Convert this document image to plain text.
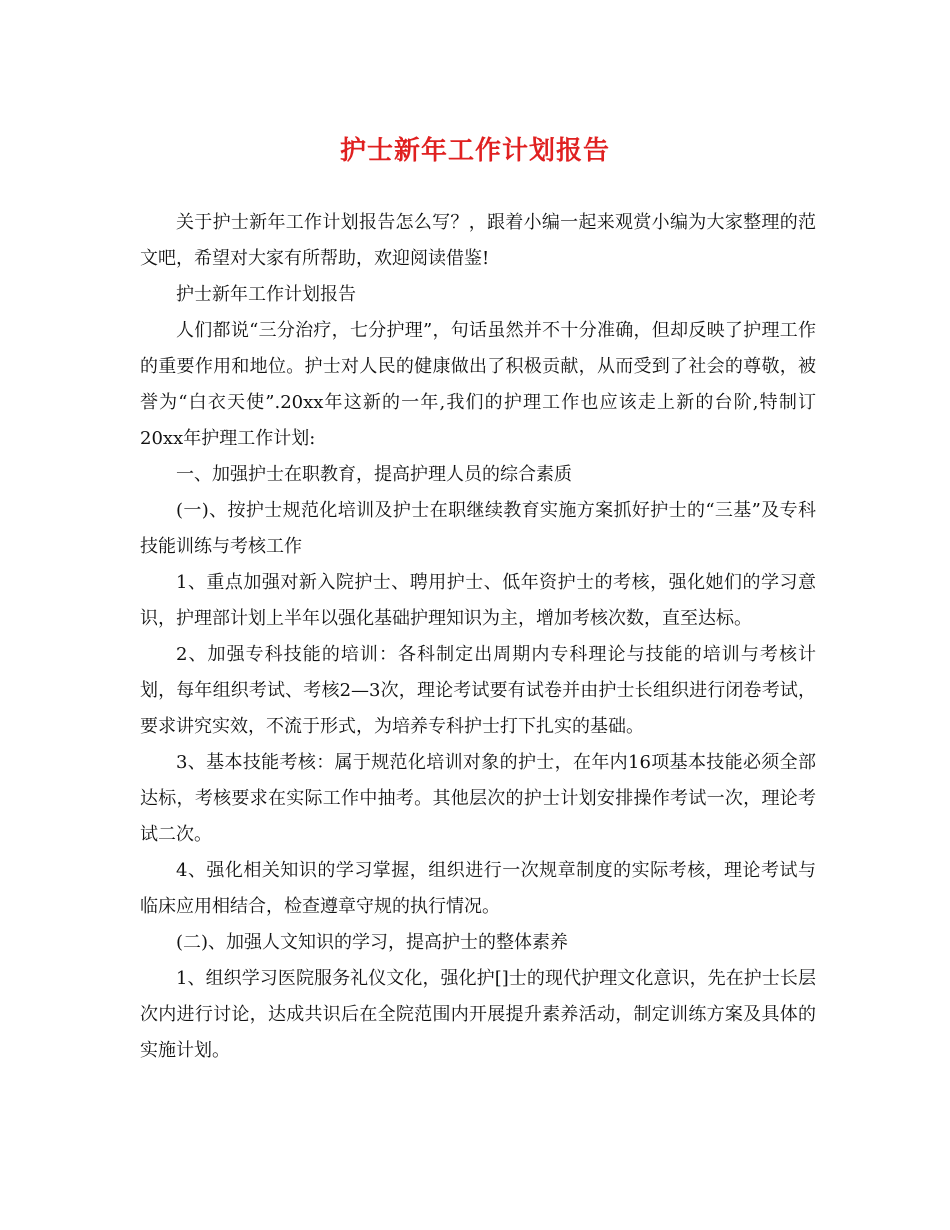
护士新年工作计划报告

关于护士新年工作计划报告怎么写？，跟着小编一起来观赏小编为大家整理的范文吧，希望对大家有所帮助，欢迎阅读借鉴!

护士新年工作计划报告

人们都说“三分治疗，七分护理”，句话虽然并不十分准确，但却反映了护理工作的重要作用和地位。护士对人民的健康做出了积极贡献，从而受到了社会的尊敬，被誉为“白衣天使”.20xx年这新的一年,我们的护理工作也应该走上新的台阶,特制订20xx年护理工作计划:

一、加强护士在职教育，提高护理人员的综合素质

(一)、按护士规范化培训及护士在职继续教育实施方案抓好护士的“三基”及专科技能训练与考核工作

1、重点加强对新入院护士、聘用护士、低年资护士的考核，强化她们的学习意识，护理部计划上半年以强化基础护理知识为主，增加考核次数，直至达标。

2、加强专科技能的培训：各科制定出周期内专科理论与技能的培训与考核计划，每年组织考试、考核2—3次，理论考试要有试卷并由护士长组织进行闭卷考试，要求讲究实效，不流于形式，为培养专科护士打下扎实的基础。

3、基本技能考核：属于规范化培训对象的护士，在年内16项基本技能必须全部达标，考核要求在实际工作中抽考。其他层次的护士计划安排操作考试一次，理论考试二次。

4、强化相关知识的学习掌握，组织进行一次规章制度的实际考核，理论考试与临床应用相结合，检查遵章守规的执行情况。

(二)、加强人文知识的学习，提高护士的整体素养

1、组织学习医院服务礼仪文化，强化护[]士的现代护理文化意识，先在护士长层次内进行讨论，达成共识后在全院范围内开展提升素养活动，制定训练方案及具体的实施计划。
